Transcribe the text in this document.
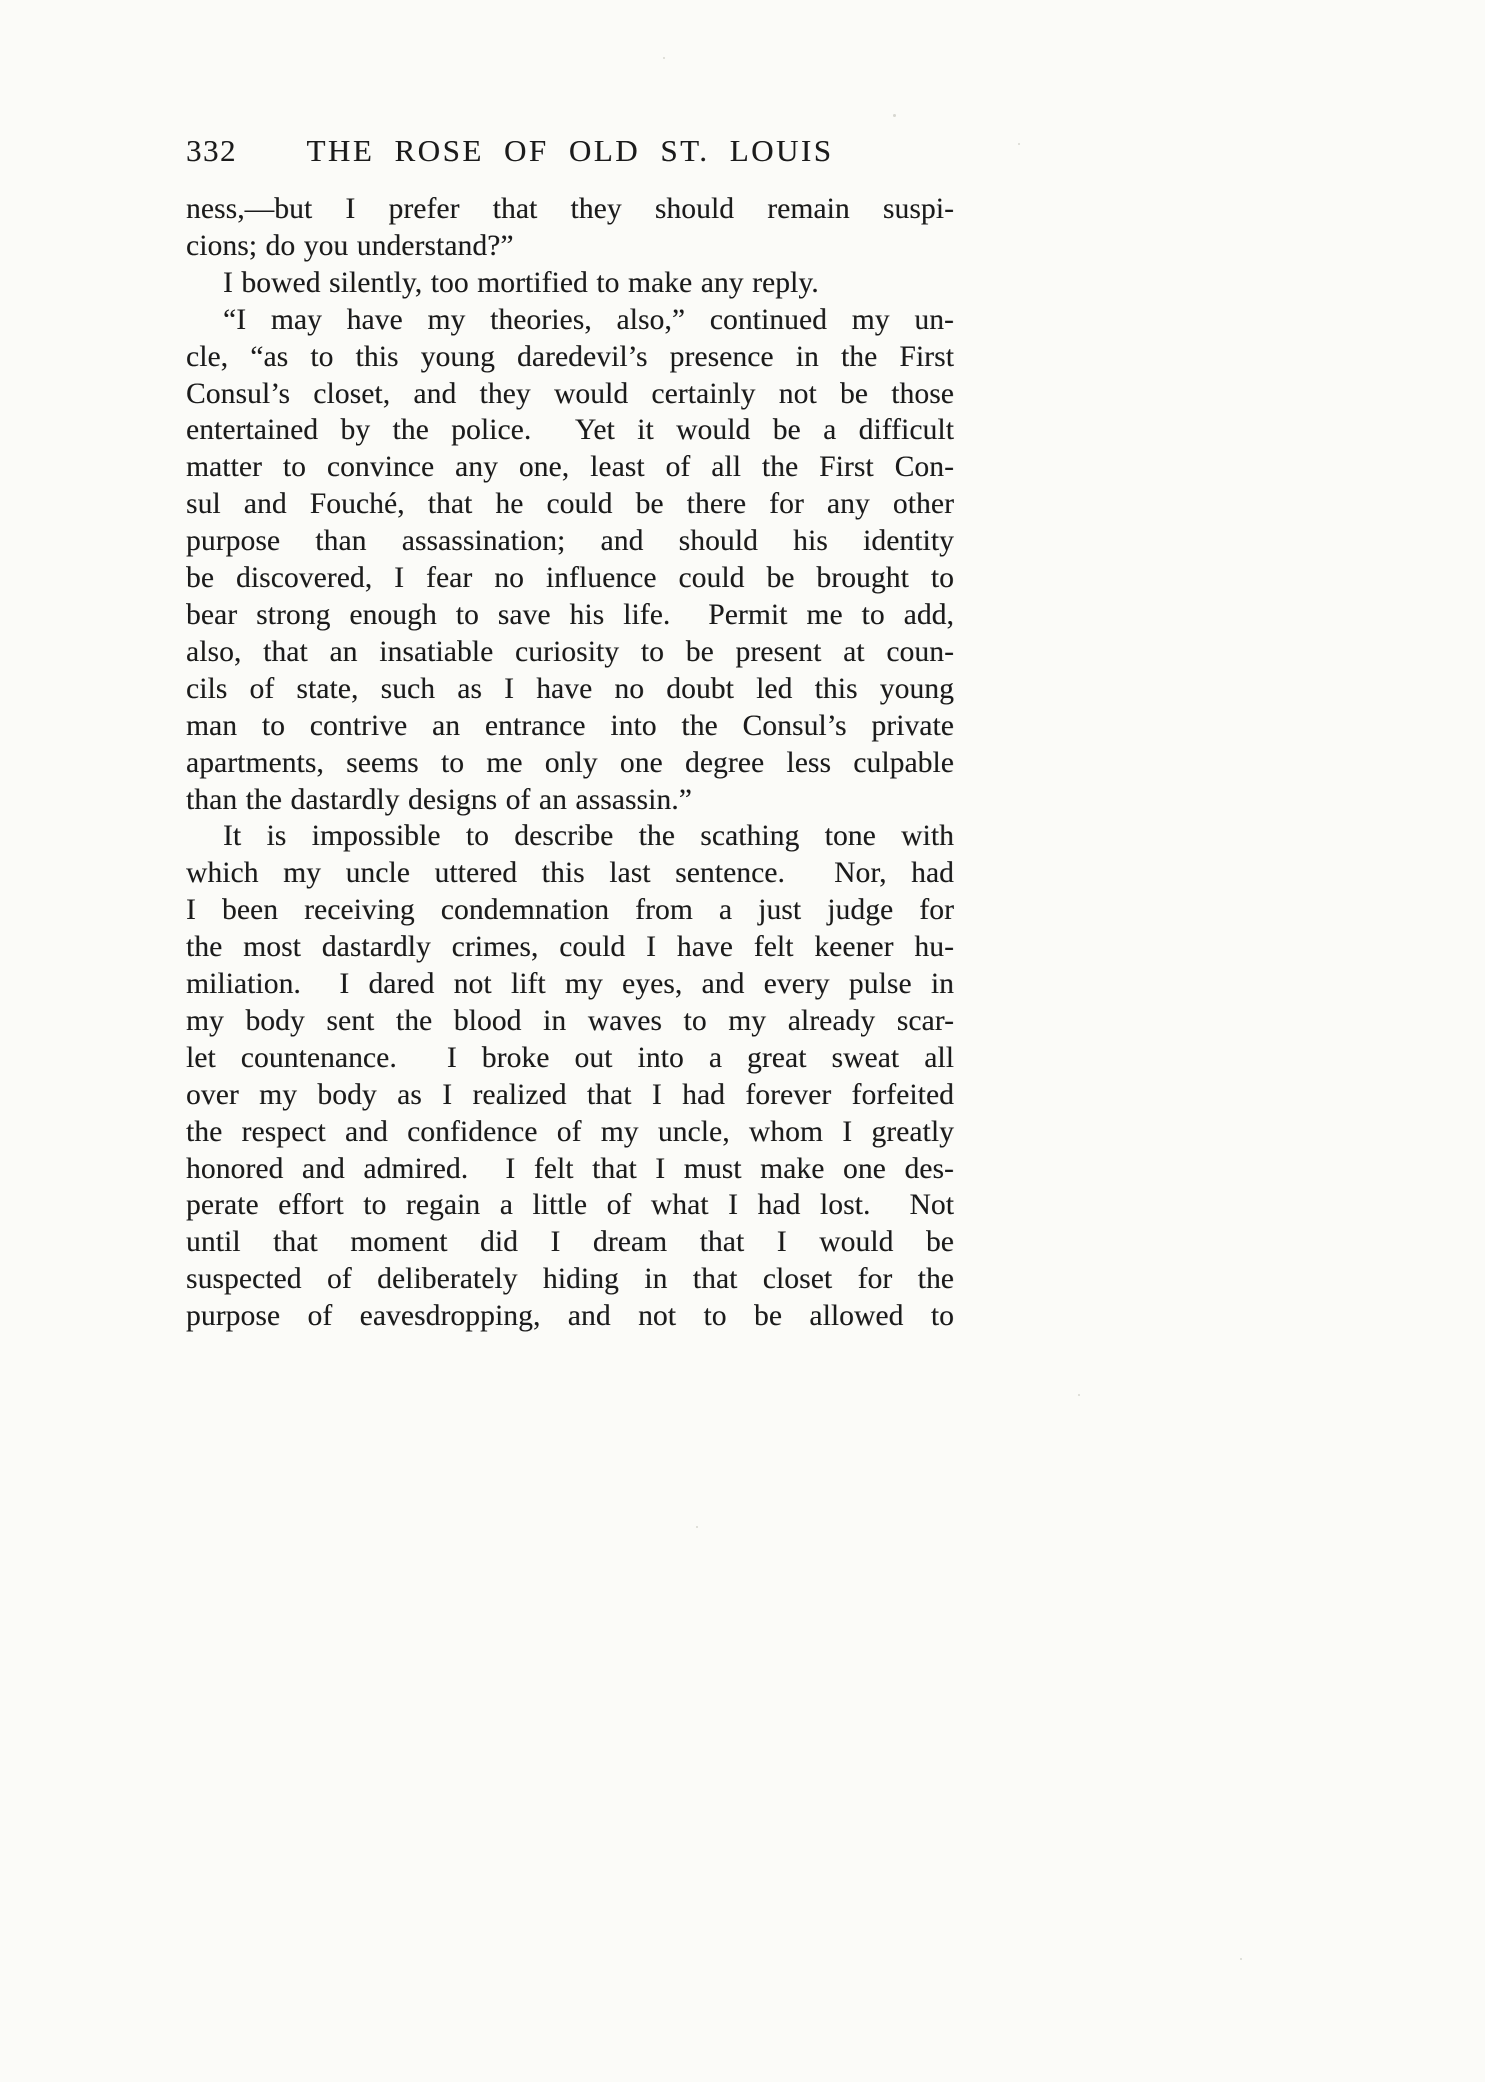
332	THE ROSE OF OLD ST. LOUIS
ness,—but I prefer that they should remain suspi-
cions; do you understand?”
I bowed silently, too mortified to make any reply.
“I may have my theories, also,” continued my un-
cle, “as to this young daredevil’s presence in the First
Consul’s closet, and they would certainly not be those
entertained by the police.  Yet it would be a difficult
matter to convince any one, least of all the First Con-
sul and Fouché, that he could be there for any other
purpose than assassination; and should his identity
be discovered, I fear no influence could be brought to
bear strong enough to save his life.  Permit me to add,
also, that an insatiable curiosity to be present at coun-
cils of state, such as I have no doubt led this young
man to contrive an entrance into the Consul’s private
apartments, seems to me only one degree less culpable
than the dastardly designs of an assassin.”
It is impossible to describe the scathing tone with
which my uncle uttered this last sentence.  Nor, had
I been receiving condemnation from a just judge for
the most dastardly crimes, could I have felt keener hu-
miliation.  I dared not lift my eyes, and every pulse in
my body sent the blood in waves to my already scar-
let countenance.  I broke out into a great sweat all
over my body as I realized that I had forever forfeited
the respect and confidence of my uncle, whom I greatly
honored and admired.  I felt that I must make one des-
perate effort to regain a little of what I had lost.  Not
until that moment did I dream that I would be
suspected of deliberately hiding in that closet for the
purpose of eavesdropping, and not to be allowed to
